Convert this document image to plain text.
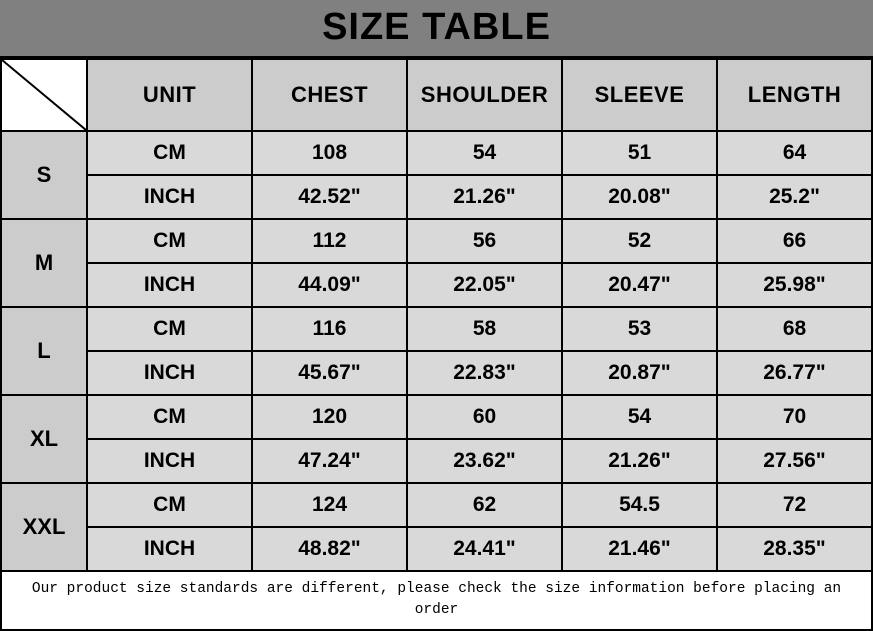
SIZE TABLE
	UNIT	CHEST	SHOULDER	SLEEVE	LENGTH
S	CM	108	54	51	64
	INCH	42.52"	21.26"	20.08"	25.2"
M	CM	112	56	52	66
	INCH	44.09"	22.05"	20.47"	25.98"
L	CM	116	58	53	68
	INCH	45.67"	22.83"	20.87"	26.77"
XL	CM	120	60	54	70
	INCH	47.24"	23.62"	21.26"	27.56"
XXL	CM	124	62	54.5	72
	INCH	48.82"	24.41"	21.46"	28.35"
Our product size standards are different, please check the size information before placing an order
